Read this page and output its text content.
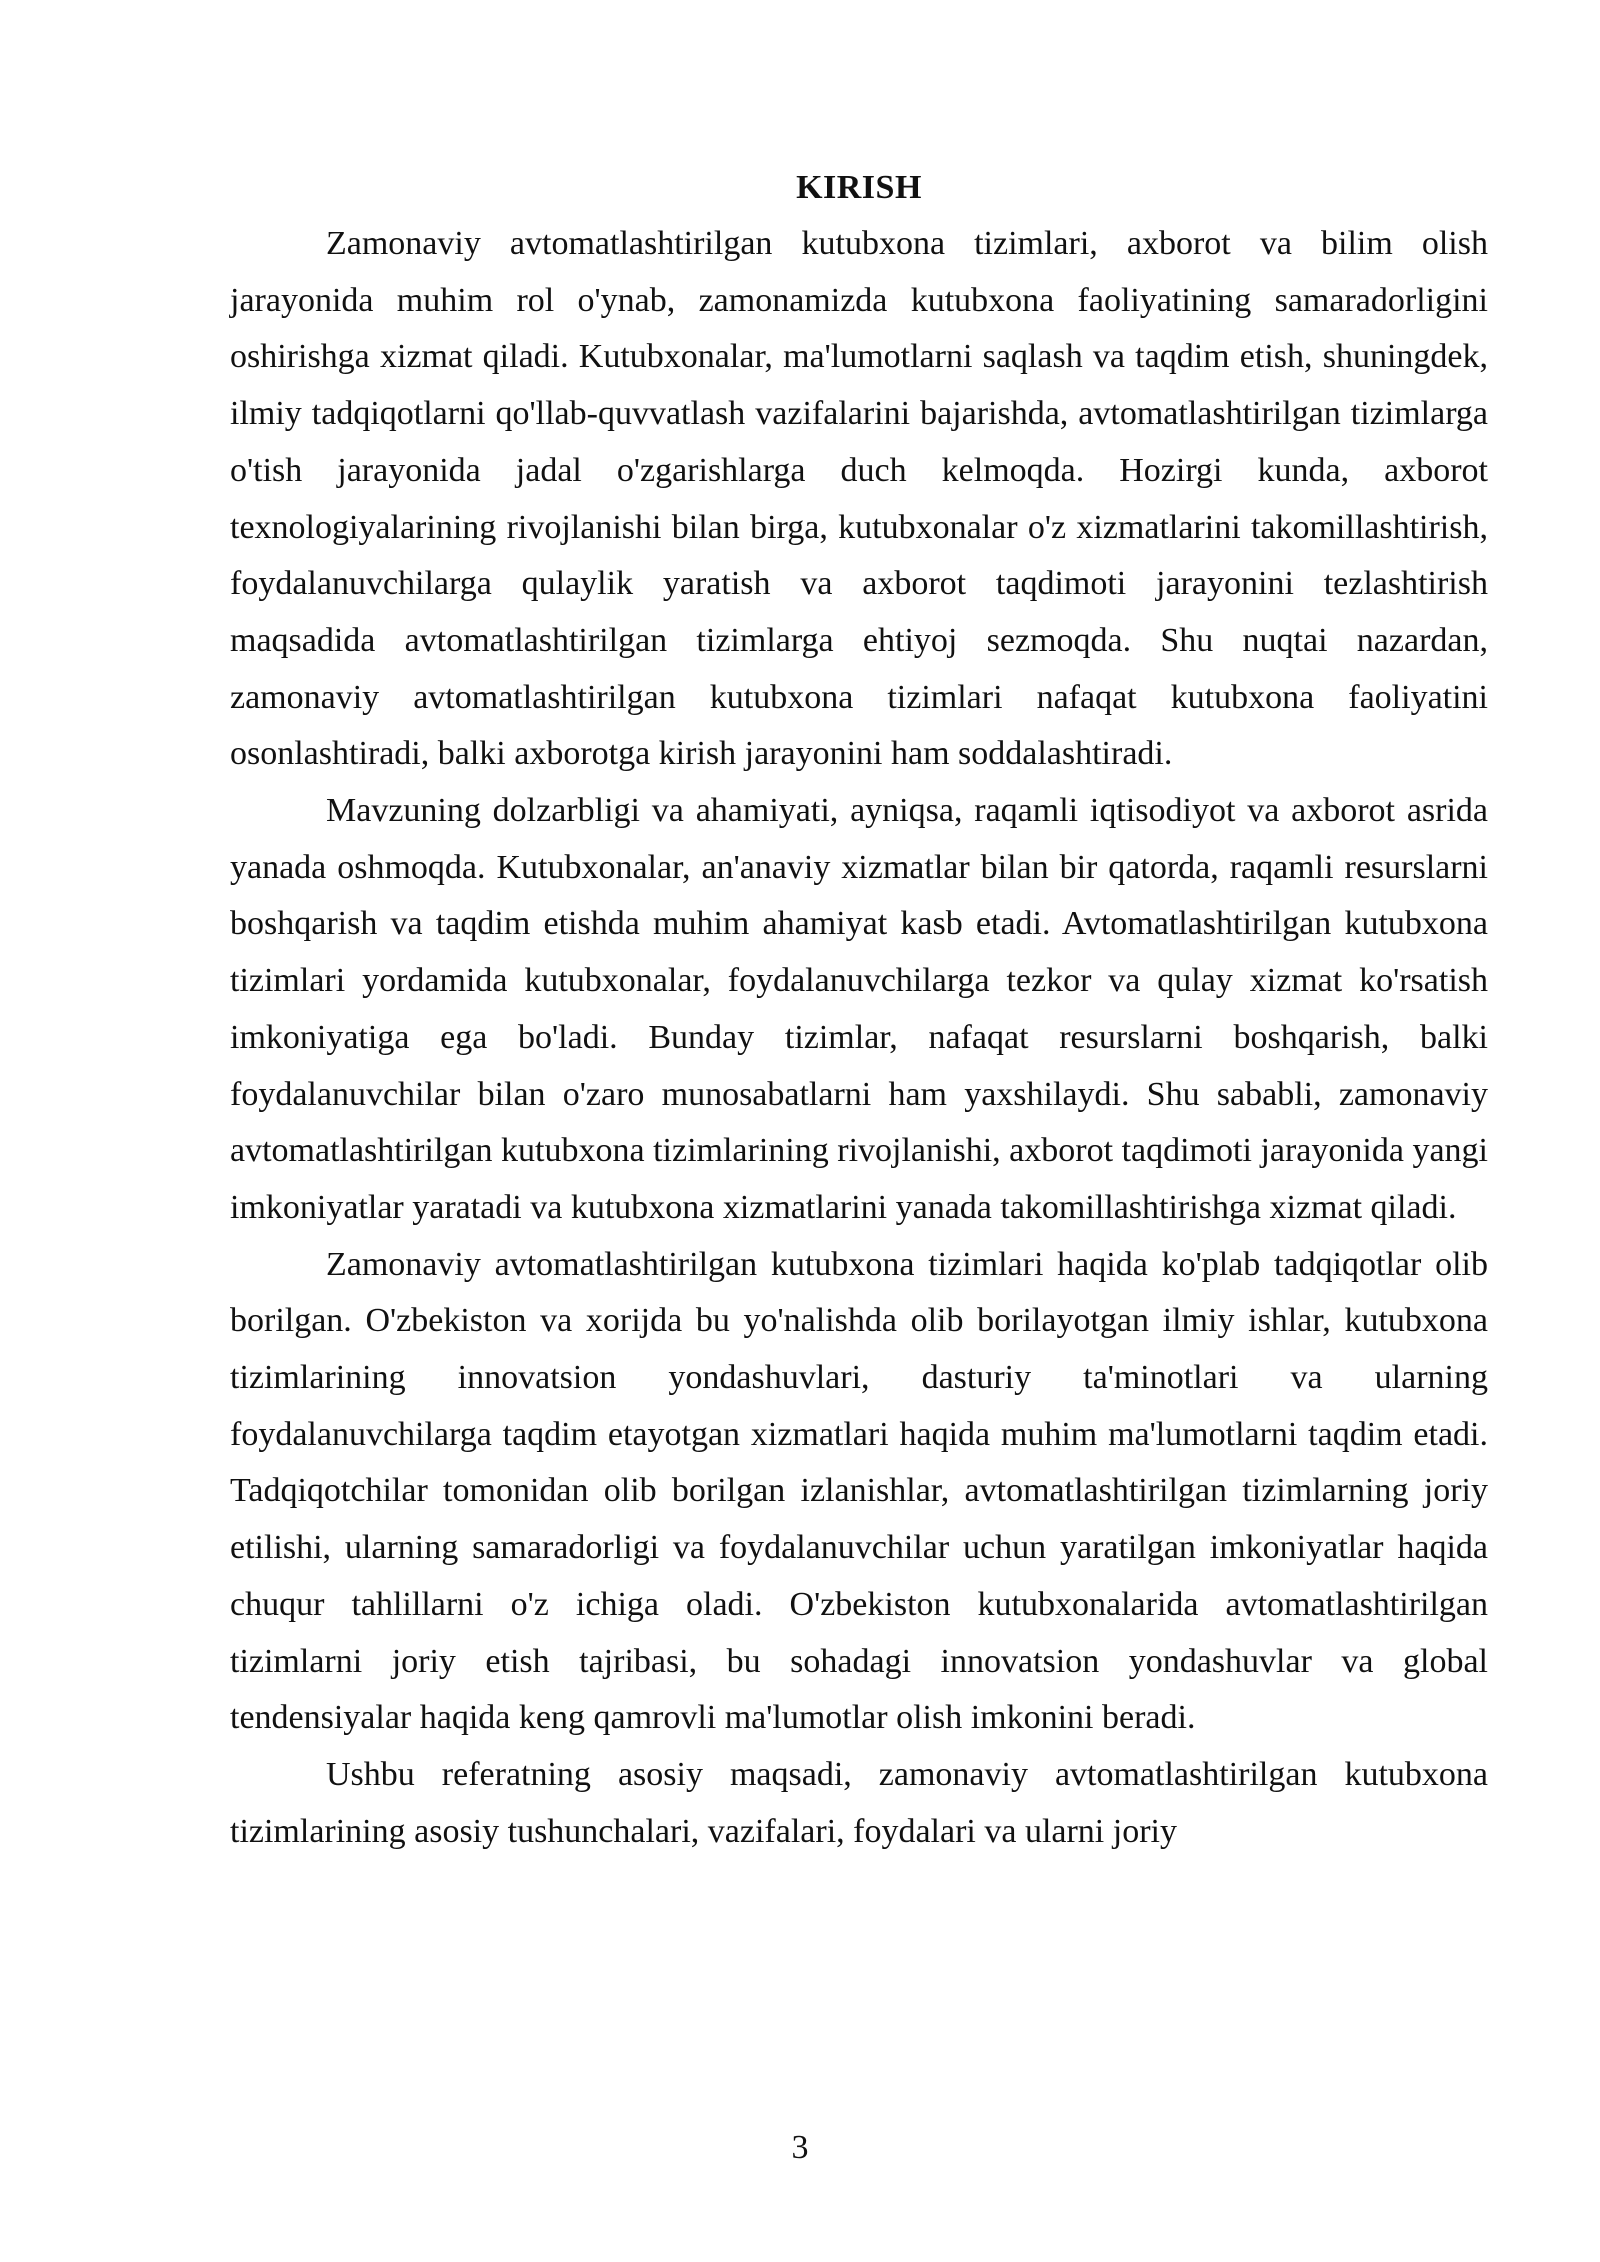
KIRISH

Zamonaviy avtomatlashtirilgan kutubxona tizimlari, axborot va bilim olish jarayonida muhim rol o'ynab, zamonamizda kutubxona faoliyatining samaradorligini oshirishga xizmat qiladi. Kutubxonalar, ma'lumotlarni saqlash va taqdim etish, shuningdek, ilmiy tadqiqotlarni qo'llab-quvvatlash vazifalarini bajarishda, avtomatlashtirilgan tizimlarga o'tish jarayonida jadal o'zgarishlarga duch kelmoqda. Hozirgi kunda, axborot texnologiyalarining rivojlanishi bilan birga, kutubxonalar o'z xizmatlarini takomillashtirish, foydalanuvchilarga qulaylik yaratish va axborot taqdimoti jarayonini tezlashtirish maqsadida avtomatlashtirilgan tizimlarga ehtiyoj sezmoqda. Shu nuqtai nazardan, zamonaviy avtomatlashtirilgan kutubxona tizimlari nafaqat kutubxona faoliyatini osonlashtiradi, balki axborotga kirish jarayonini ham soddalashtiradi.

Mavzuning dolzarbligi va ahamiyati, ayniqsa, raqamli iqtisodiyot va axborot asrida yanada oshmoqda. Kutubxonalar, an'anaviy xizmatlar bilan bir qatorda, raqamli resurslarni boshqarish va taqdim etishda muhim ahamiyat kasb etadi. Avtomatlashtirilgan kutubxona tizimlari yordamida kutubxonalar, foydalanuvchilarga tezkor va qulay xizmat ko'rsatish imkoniyatiga ega bo'ladi. Bunday tizimlar, nafaqat resurslarni boshqarish, balki foydalanuvchilar bilan o'zaro munosabatlarni ham yaxshilaydi. Shu sababli, zamonaviy avtomatlashtirilgan kutubxona tizimlarining rivojlanishi, axborot taqdimoti jarayonida yangi imkoniyatlar yaratadi va kutubxona xizmatlarini yanada takomillashtirishga xizmat qiladi.

Zamonaviy avtomatlashtirilgan kutubxona tizimlari haqida ko'plab tadqiqotlar olib borilgan. O'zbekiston va xorijda bu yo'nalishda olib borilayotgan ilmiy ishlar, kutubxona tizimlarining innovatsion yondashuvlari, dasturiy ta'minotlari va ularning foydalanuvchilarga taqdim etayotgan xizmatlari haqida muhim ma'lumotlarni taqdim etadi. Tadqiqotchilar tomonidan olib borilgan izlanishlar, avtomatlashtirilgan tizimlarning joriy etilishi, ularning samaradorligi va foydalanuvchilar uchun yaratilgan imkoniyatlar haqida chuqur tahlillarni o'z ichiga oladi. O'zbekiston kutubxonalarida avtomatlashtirilgan tizimlarni joriy etish tajribasi, bu sohadagi innovatsion yondashuvlar va global tendensiyalar haqida keng qamrovli ma'lumotlar olish imkonini beradi.

Ushbu referatning asosiy maqsadi, zamonaviy avtomatlashtirilgan kutubxona tizimlarining asosiy tushunchalari, vazifalari, foydalari va ularni joriy

3
